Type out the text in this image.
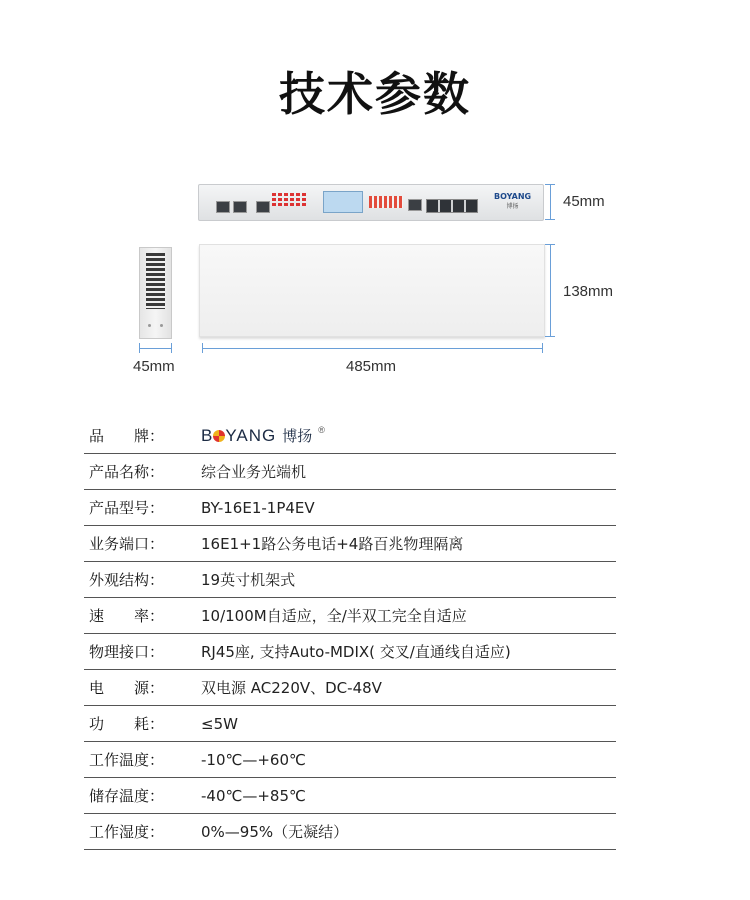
技术参数
BOYANG
博扬	45mm
138mm
45mm	485mm
品　　牌：	B YANG 博扬 ®
产品名称：	综合业务光端机
产品型号：	BY-16E1-1P4EV
业务端口：	16E1+1路公务电话+4路百兆物理隔离
外观结构：	19英寸机架式
速　　率：	10/100M自适应，全/半双工完全自适应
物理接口：	RJ45座, 支持Auto-MDIX( 交叉/直通线自适应)
电　　源：	双电源 AC220V、DC-48V
功　　耗：	≤5W
工作温度：	-10℃—+60℃
储存温度：	-40℃—+85℃
工作湿度：	0%—95%（无凝结）
